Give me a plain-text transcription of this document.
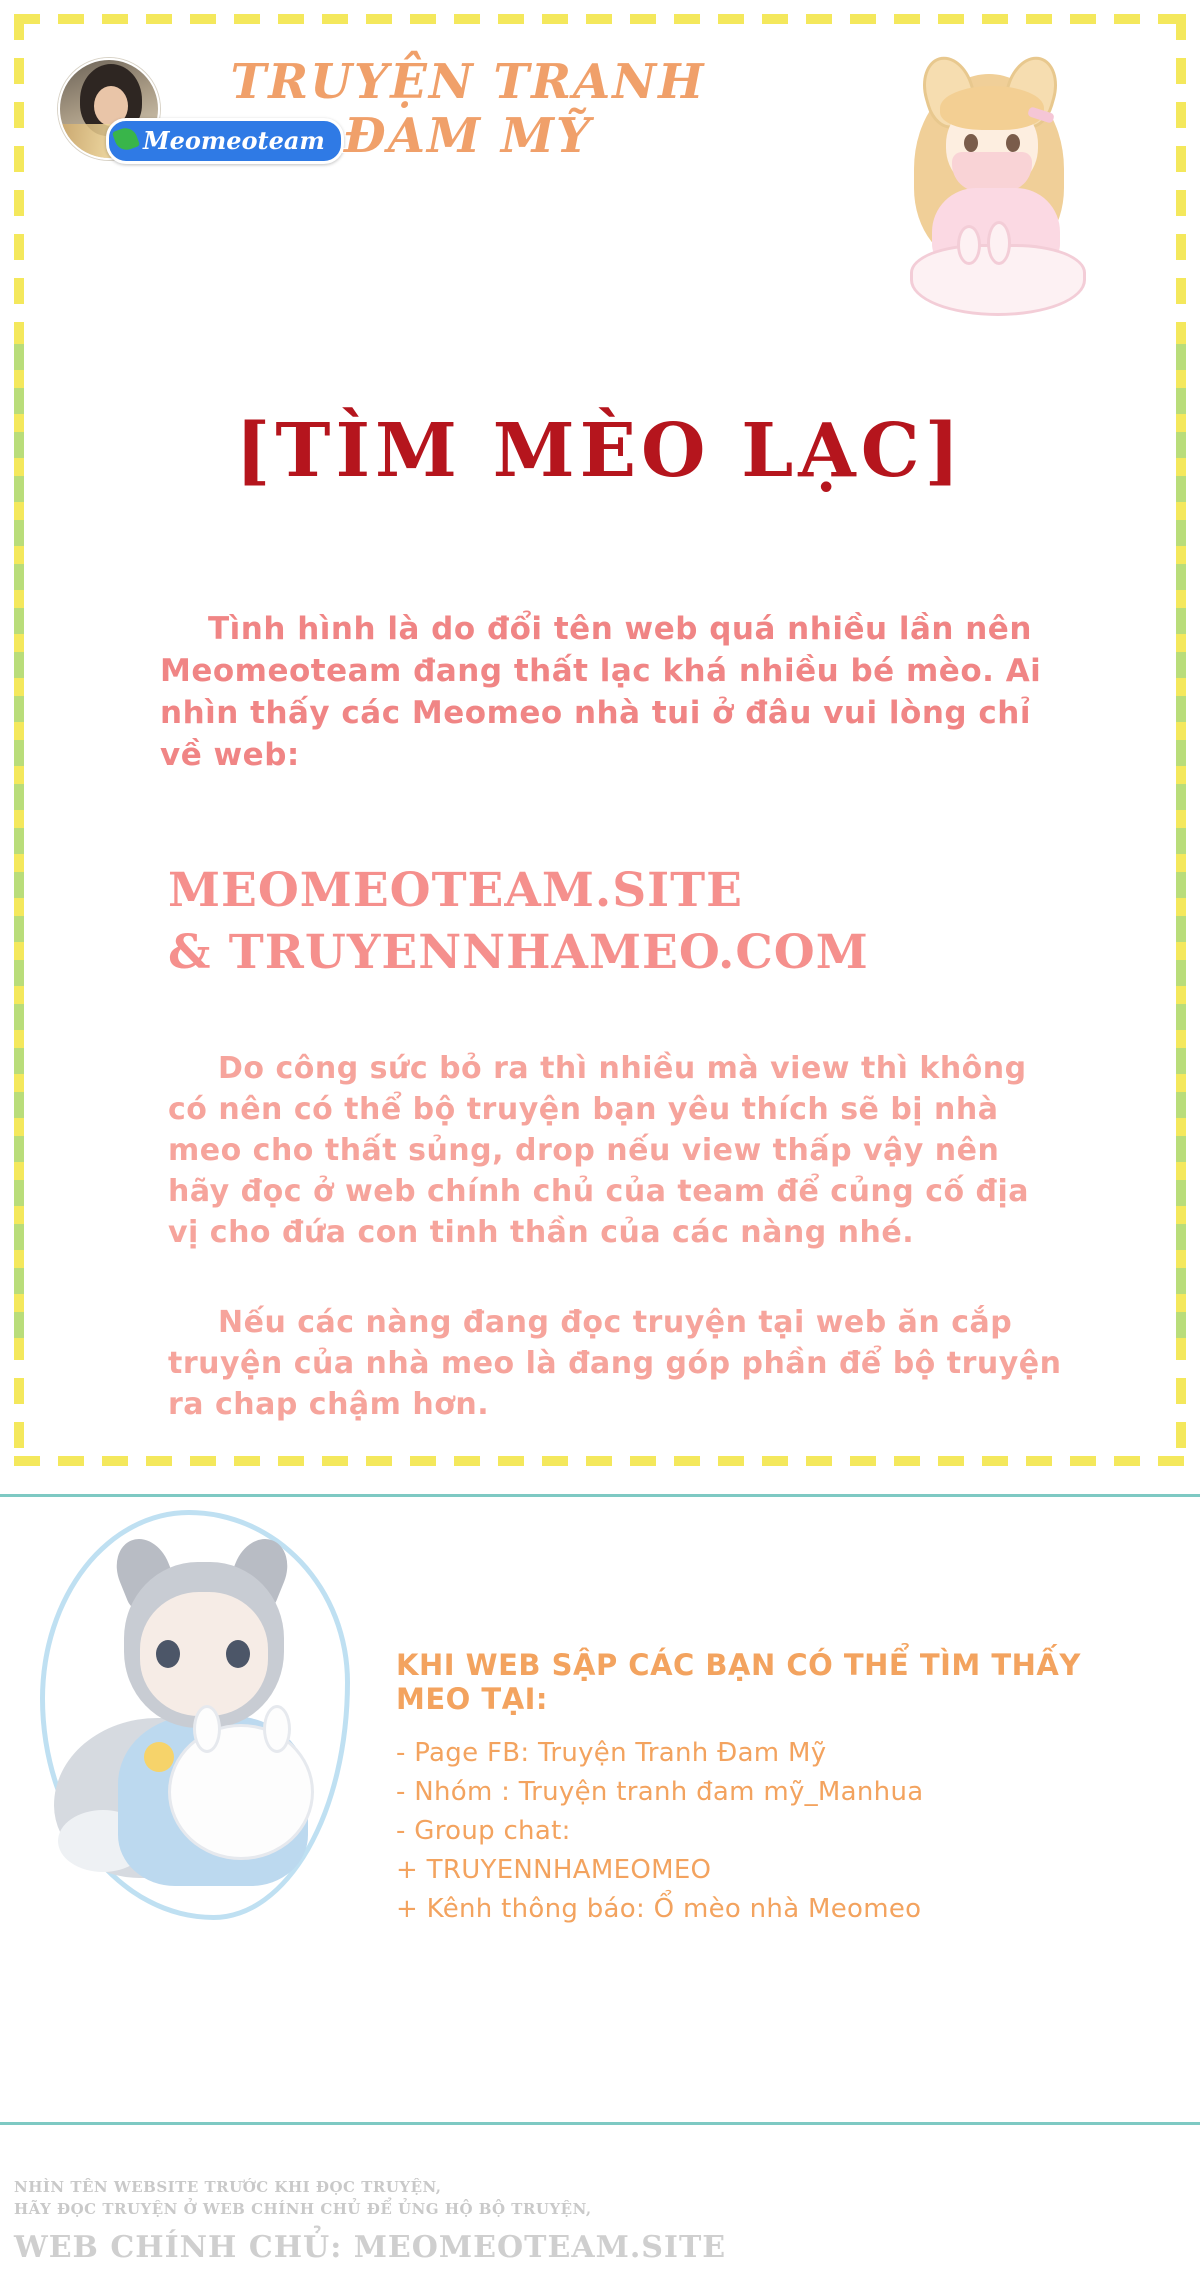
Meomeoteam
TRUYỆN TRANH
ĐAM MỸ
[TÌM MÈO LẠC]
Tình hình là do đổi tên web quá nhiều lần nên Meomeoteam đang thất lạc khá nhiều bé mèo. Ai nhìn thấy các Meomeo nhà tui ở đâu vui lòng chỉ về web:
MEOMEOTEAM.SITE
& TRUYENNHAMEO.COM
Do công sức bỏ ra thì nhiều mà view thì không có nên có thể bộ truyện bạn yêu thích sẽ bị nhà meo cho thất sủng, drop nếu view thấp vậy nên hãy đọc ở web chính chủ của team để củng cố địa vị cho đứa con tinh thần của các nàng nhé.
Nếu các nàng đang đọc truyện tại web ăn cắp truyện của nhà meo là đang góp phần để bộ truyện ra chap chậm hơn.
KHI WEB SẬP CÁC BẠN CÓ THỂ TÌM THẤY MEO TẠI:
- Page FB: Truyện Tranh Đam Mỹ
- Nhóm : Truyện tranh đam mỹ_Manhua
- Group chat:
+ TRUYENNHAMEOMEO
+ Kênh thông báo: Ổ mèo nhà Meomeo
NHÌN TÊN WEBSITE TRƯỚC KHI ĐỌC TRUYỆN,
HÃY ĐỌC TRUYỆN Ở WEB CHÍNH CHỦ ĐỂ ỦNG HỘ BỘ TRUYỆN,
WEB CHÍNH CHỦ: MEOMEOTEAM.SITE
